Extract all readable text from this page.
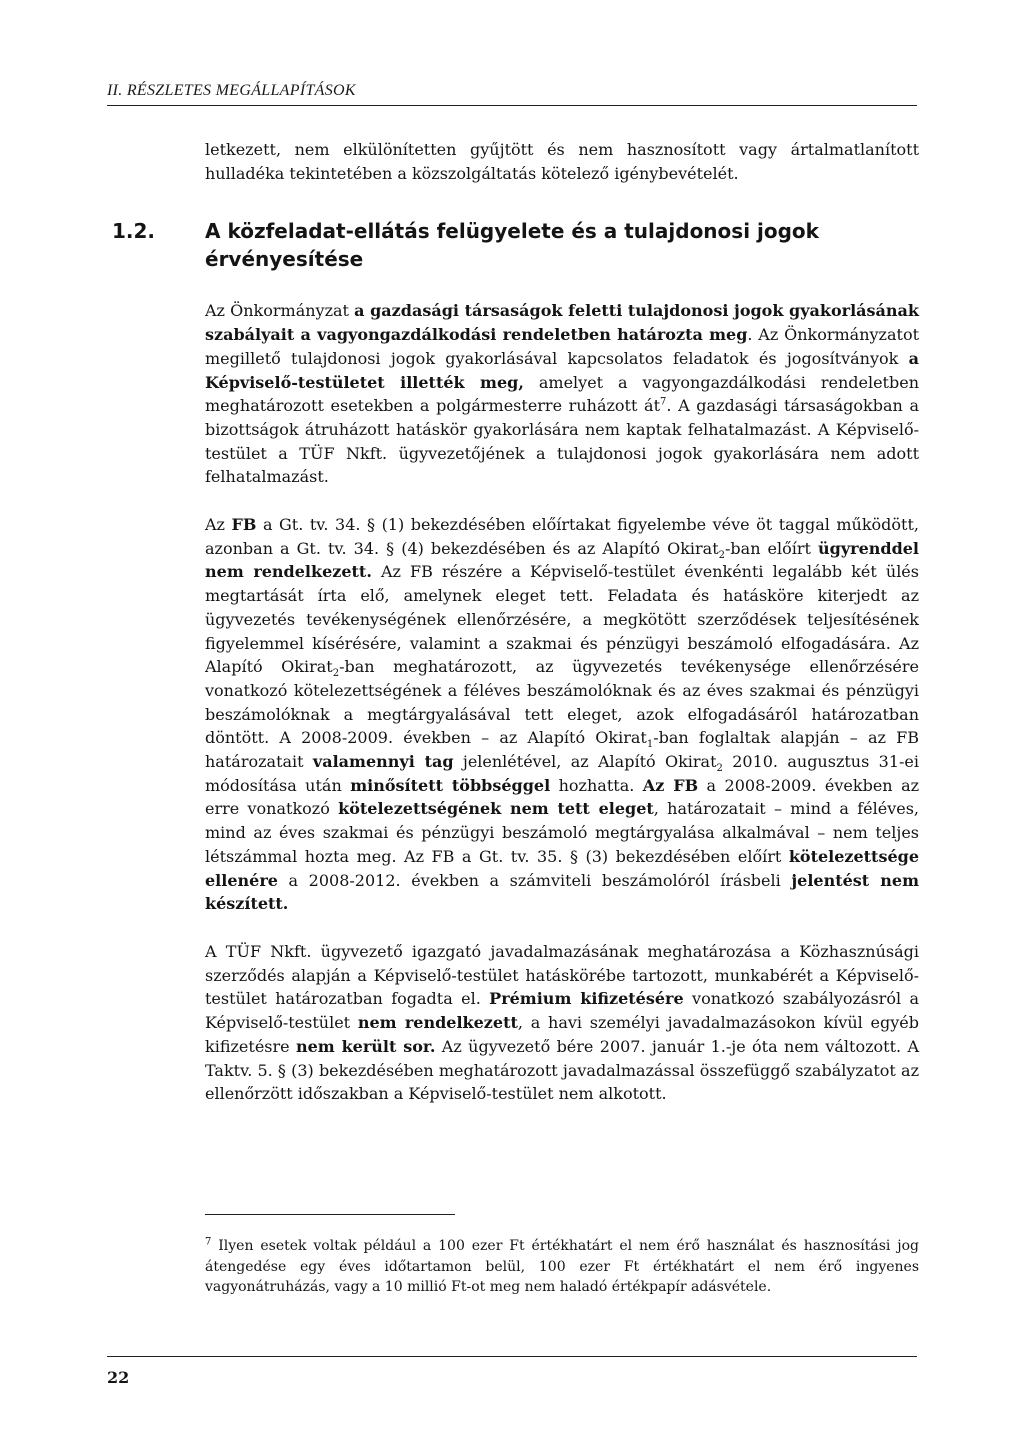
II. RÉSZLETES MEGÁLLAPÍTÁSOK

letkezett, nem elkülönítetten gyűjtött és nem hasznosított vagy ártalmatlanított hulladéka tekintetében a közszolgáltatás kötelező igénybevételét.

1.2. A közfeladat-ellátás felügyelete és a tulajdonosi jogok érvényesítése

Az Önkormányzat a gazdasági társaságok feletti tulajdonosi jogok gyakorlásának szabályait a vagyongazdálkodási rendeletben határozta meg. Az Önkormányzatot megillető tulajdonosi jogok gyakorlásával kapcsolatos feladatok és jogosítványok a Képviselő-testületet illették meg, amelyet a vagyongazdálkodási rendeletben meghatározott esetekben a polgármesterre ruházott $át^7$. A gazdasági társaságokban a bizottságok átruházott hatáskör gyakorlására nem kaptak felhatalmazást. A Képviselő-testület a TÜF Nkft. ügyvezetőjének a tulajdonosi jogok gyakorlására nem adott felhatalmazást.

Az FB a Gt. tv. 34. § (1) bekezdésében előírtakat figyelembe véve öt taggal működött, azonban a Gt. tv. 34. § (4) bekezdésében és az Alapító Okirat$_2$-ban előírt ügyrenddel nem rendelkezett. Az FB részére a Képviselő-testület évenkénti legalább két ülés megtartását írta elő, amelynek eleget tett. Feladata és hatásköre kiterjedt az ügyvezetés tevékenységének ellenőrzésére, a megkötött szerződések teljesítésének figyelemmel kísérésére, valamint a szakmai és pénzügyi beszámoló elfogadására. Az Alapító Okirat$_2$-ban meghatározott, az ügyvezetés tevékenysége ellenőrzésére vonatkozó kötelezettségének a féléves beszámolóknak és az éves szakmai és pénzügyi beszámolóknak a megtárgyalásával tett eleget, azok elfogadásáról határozatban döntött. A 2008-2009. években – az Alapító Okirat$_1$-ban foglaltak alapján – az FB határozatait valamennyi tag jelenlétével, az Alapító Okirat$_2$ 2010. augusztus 31-ei módosítása után minősített többséggel hozhatta. Az FB a 2008-2009. években az erre vonatkozó kötelezettségének nem tett eleget, határozatait – mind a féléves, mind az éves szakmai és pénzügyi beszámoló megtárgyalása alkalmával – nem teljes létszámmal hozta meg. Az FB a Gt. tv. 35. § (3) bekezdésében előírt kötelezettsége ellenére a 2008-2012. években a számviteli beszámolóról írásbeli jelentést nem készített.

A TÜF Nkft. ügyvezető igazgató javadalmazásának meghatározása a Közhasznúsági szerződés alapján a Képviselő-testület hatáskörébe tartozott, munkabérét a Képviselő-testület határozatban fogadta el. Prémium kifizetésére vonatkozó szabályozásról a Képviselő-testület nem rendelkezett, a havi személyi javadalmazásokon kívül egyéb kifizetésre nem került sor. Az ügyvezető bére 2007. január 1.-je óta nem változott. A Taktv. 5. § (3) bekezdésében meghatározott javadalmazással összefüggő szabályzatot az ellenőrzött időszakban a Képviselő-testület nem alkotott.

$^7$ Ilyen esetek voltak például a 100 ezer Ft értékhatárt el nem érő használat és hasznosítási jog átengedése egy éves időtartamon belül, 100 ezer Ft értékhatárt el nem érő ingyenes vagyonátruházás, vagy a 10 millió Ft-ot meg nem haladó értékpapír adásvétele.
22
